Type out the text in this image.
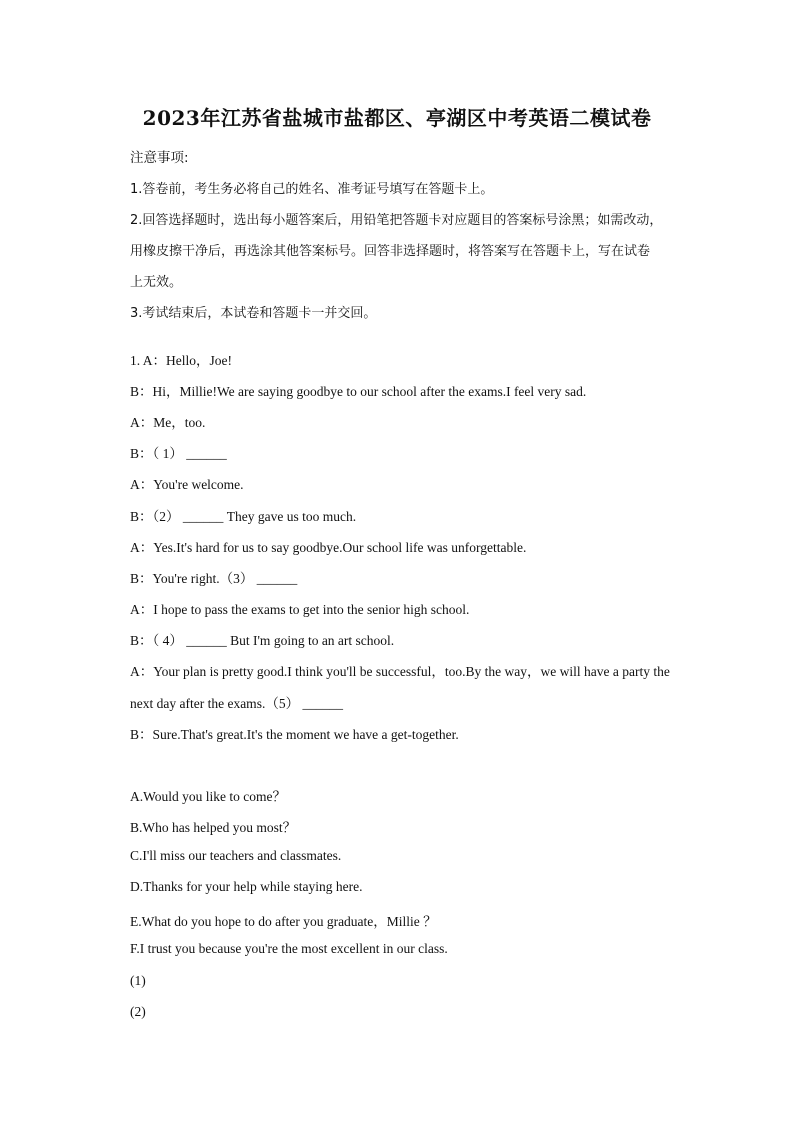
2023年江苏省盐城市盐都区、亭湖区中考英语二模试卷
注意事项:
1.答卷前，考生务必将自己的姓名、准考证号填写在答题卡上。
2.回答选择题时，选出每小题答案后，用铅笔把答题卡对应题目的答案标号涂黑；如需改动，
用橡皮擦干净后，再选涂其他答案标号。回答非选择题时，将答案写在答题卡上，写在试卷
上无效。
3.考试结束后，本试卷和答题卡一并交回。
1. A：Hello，Joe!
B：Hi，Millie!We are saying goodbye to our school after the exams.I feel very sad.
A：Me，too.
B：（ 1） ______
A：You're welcome.
B：（2） ______ They gave us too much.
A：Yes.It's hard for us to say goodbye.Our school life was unforgettable.
B：You're right.（3） ______
A：I hope to pass the exams to get into the senior high school.
B：（ 4） ______ But I'm going to an art school.
A：Your plan is pretty good.I think you'll be successful，too.By the way，we will have a party the
next day after the exams.（5） ______
B：Sure.That's great.It's the moment we have a get-together.
A.Would you like to come？
B.Who has helped you most？
C.I'll miss our teachers and classmates.
D.Thanks for your help while staying here.
E.What do you hope to do after you graduate，Millie ？
F.I trust you because you're the most excellent in our class.
(1)
(2)
